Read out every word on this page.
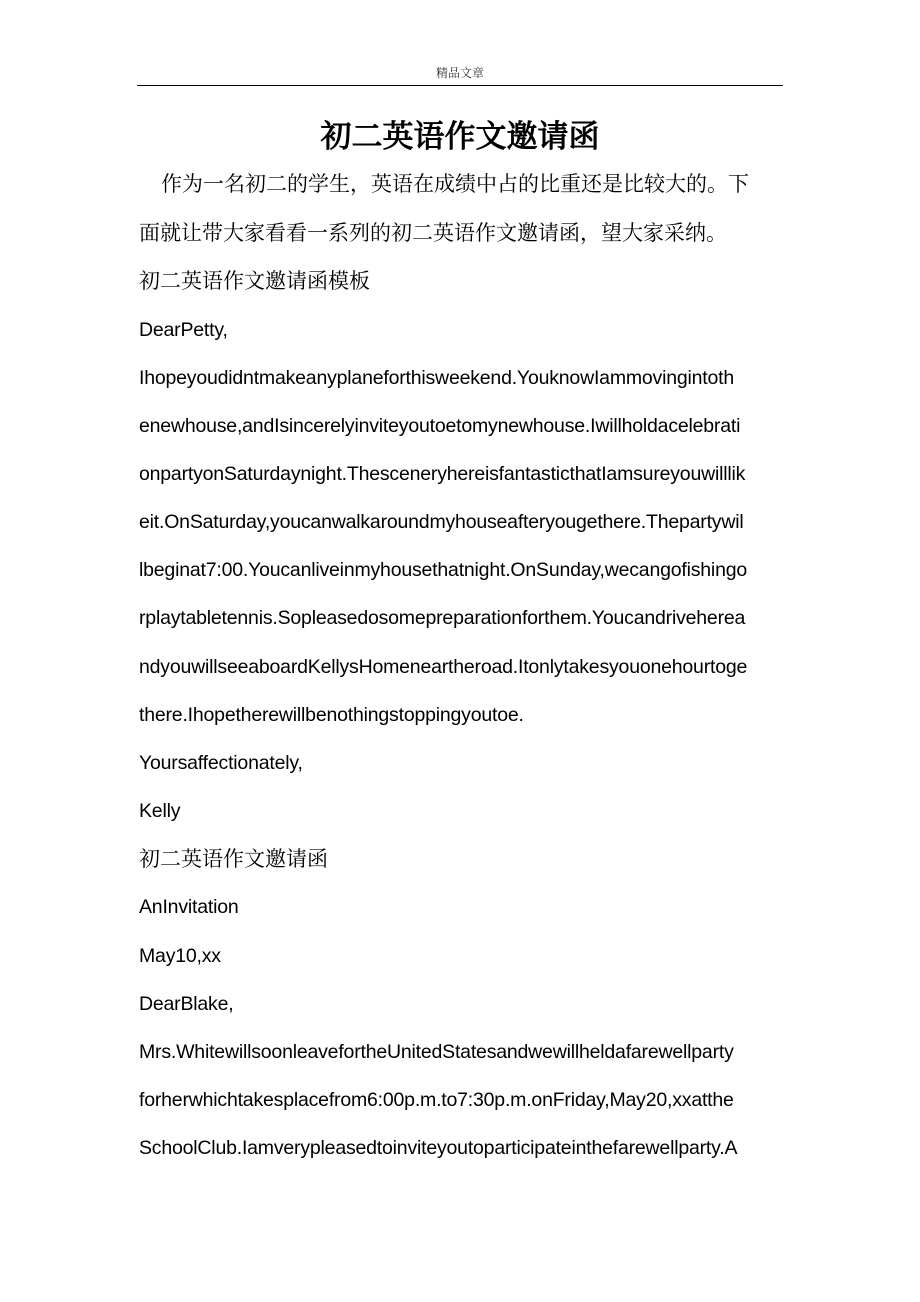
精品文章
初二英语作文邀请函
作为一名初二的学生，英语在成绩中占的比重还是比较大的。下
面就让带大家看看一系列的初二英语作文邀请函，望大家采纳。
初二英语作文邀请函模板
DearPetty,
Ihopeyoudidntmakeanyplaneforthisweekend.YouknowIammovingintoth
enewhouse,andIsincerelyinviteyoutoetomynewhouse.Iwillholdacelebrati
onpartyonSaturdaynight.ThesceneryhereisfantasticthatIamsureyouwilllik
eit.OnSaturday,youcanwalkaroundmyhouseafteryougethere.Thepartywil
lbeginat7:00.Youcanliveinmyhousethatnight.OnSunday,wecangofishingo
rplaytabletennis.Sopleasedosomepreparationforthem.Youcandriveherea
ndyouwillseeaboardKellysHomeneartheroad.Itonlytakesyouonehourtoge
there.Ihopetherewillbenothingstoppingyoutoe.
Yoursaffectionately,
Kelly
初二英语作文邀请函
AnInvitation
May10,xx
DearBlake,
Mrs.WhitewillsoonleavefortheUnitedStatesandwewillheldafarewellparty
forherwhichtakesplacefrom6:00p.m.to7:30p.m.onFriday,May20,xxatthe
SchoolClub.Iamverypleasedtoinviteyoutoparticipateinthefarewellparty.A
